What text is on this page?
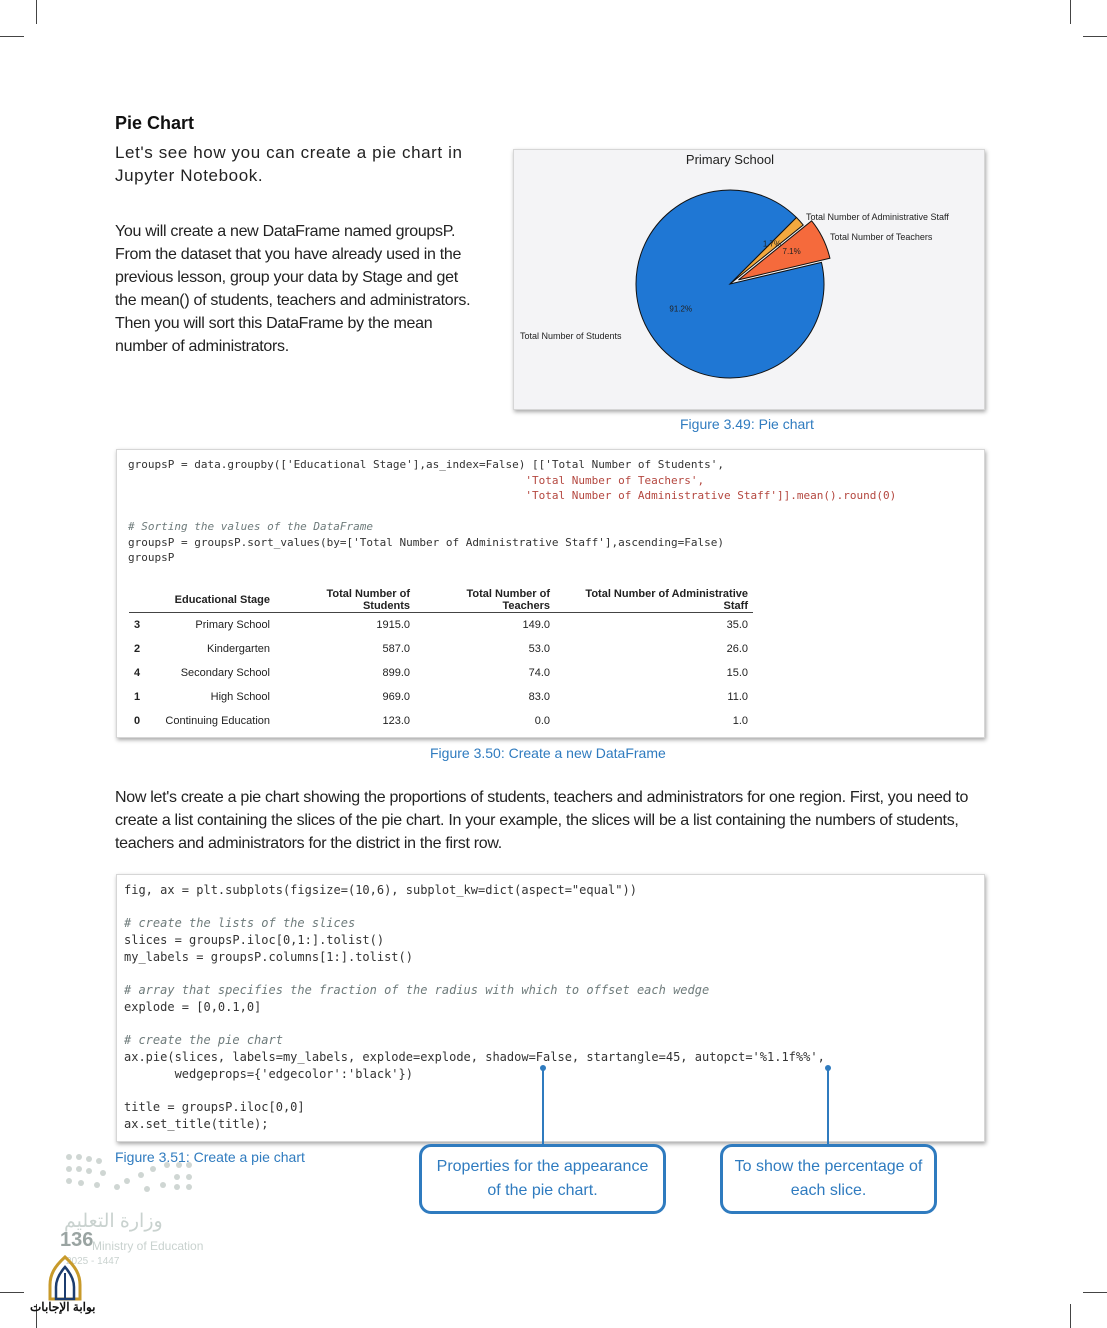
Pie Chart
Let's see how you can create a pie chart in Jupyter Notebook.
You will create a new DataFrame named groupsP. From the dataset that you have already used in the previous lesson, group your data by Stage and get the mean() of students, teachers and administrators. Then you will sort this DataFrame by the mean number of administrators.
Primary School
91.2%
Total Number of Students
7.1%
Total Number of Teachers
1.7%
Total Number of Administrative Staff
Figure 3.49: Pie chart
groupsP = data.groupby(['Educational Stage'],as_index=False) [['Total Number of Students',
'Total Number of Teachers',
'Total Number of Administrative Staff']].mean().round(0)

# Sorting the values of the DataFrame
groupsP = groupsP.sort_values(by=['Total Number of Administrative Staff'],ascending=False)
groupsP
	Educational Stage	Total Number of Students	Total Number of Teachers	Total Number of Administrative Staff
3	Primary School	1915.0	149.0	35.0
2	Kindergarten	587.0	53.0	26.0
4	Secondary School	899.0	74.0	15.0
1	High School	969.0	83.0	11.0
0	Continuing Education	123.0	0.0	1.0
Figure 3.50: Create a new DataFrame
Now let's create a pie chart showing the proportions of students, teachers and administrators for one region. First, you need to create a list containing the slices of the pie chart. In your example, the slices will be a list containing the numbers of students, teachers and administrators for the district in the first row.
fig, ax = plt.subplots(figsize=(10,6), subplot_kw=dict(aspect="equal"))

# create the lists of the slices
slices = groupsP.iloc[0,1:].tolist()
my_labels = groupsP.columns[1:].tolist()

# array that specifies the fraction of the radius with which to offset each wedge
explode = [0,0.1,0]

# create the pie chart
ax.pie(slices, labels=my_labels, explode=explode, shadow=False, startangle=45, autopct='%1.1f%%',
wedgeprops={'edgecolor':'black'})

title = groupsP.iloc[0,0]
ax.set_title(title);
Properties for the appearance of the pie chart.
To show the percentage of each slice.
Figure 3.51: Create a pie chart
وزارة التعليم
136
Ministry of Education
2025 - 1447
بوابة الإجابات
